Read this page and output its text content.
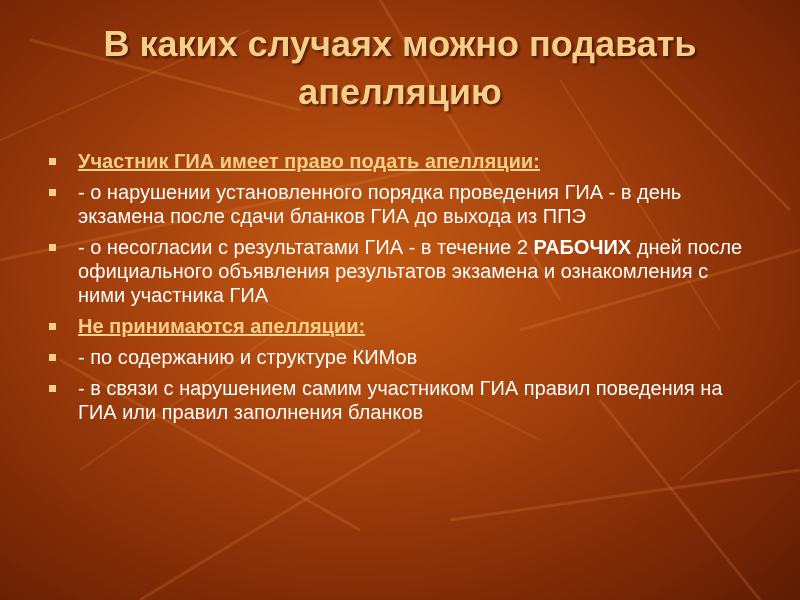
В каких случаях можно подавать
апелляцию
Участник ГИА имеет право подать апелляции:
- о нарушении установленного порядка проведения ГИА - в день экзамена после сдачи бланков ГИА до выхода из ППЭ
- о несогласии с результатами ГИА - в течение 2 РАБОЧИХ дней после официального объявления результатов экзамена и ознакомления с ними участника ГИА
Не принимаются апелляции:
- по содержанию и структуре КИМов
- в связи с нарушением самим участником ГИА правил поведения на ГИА или правил заполнения бланков
